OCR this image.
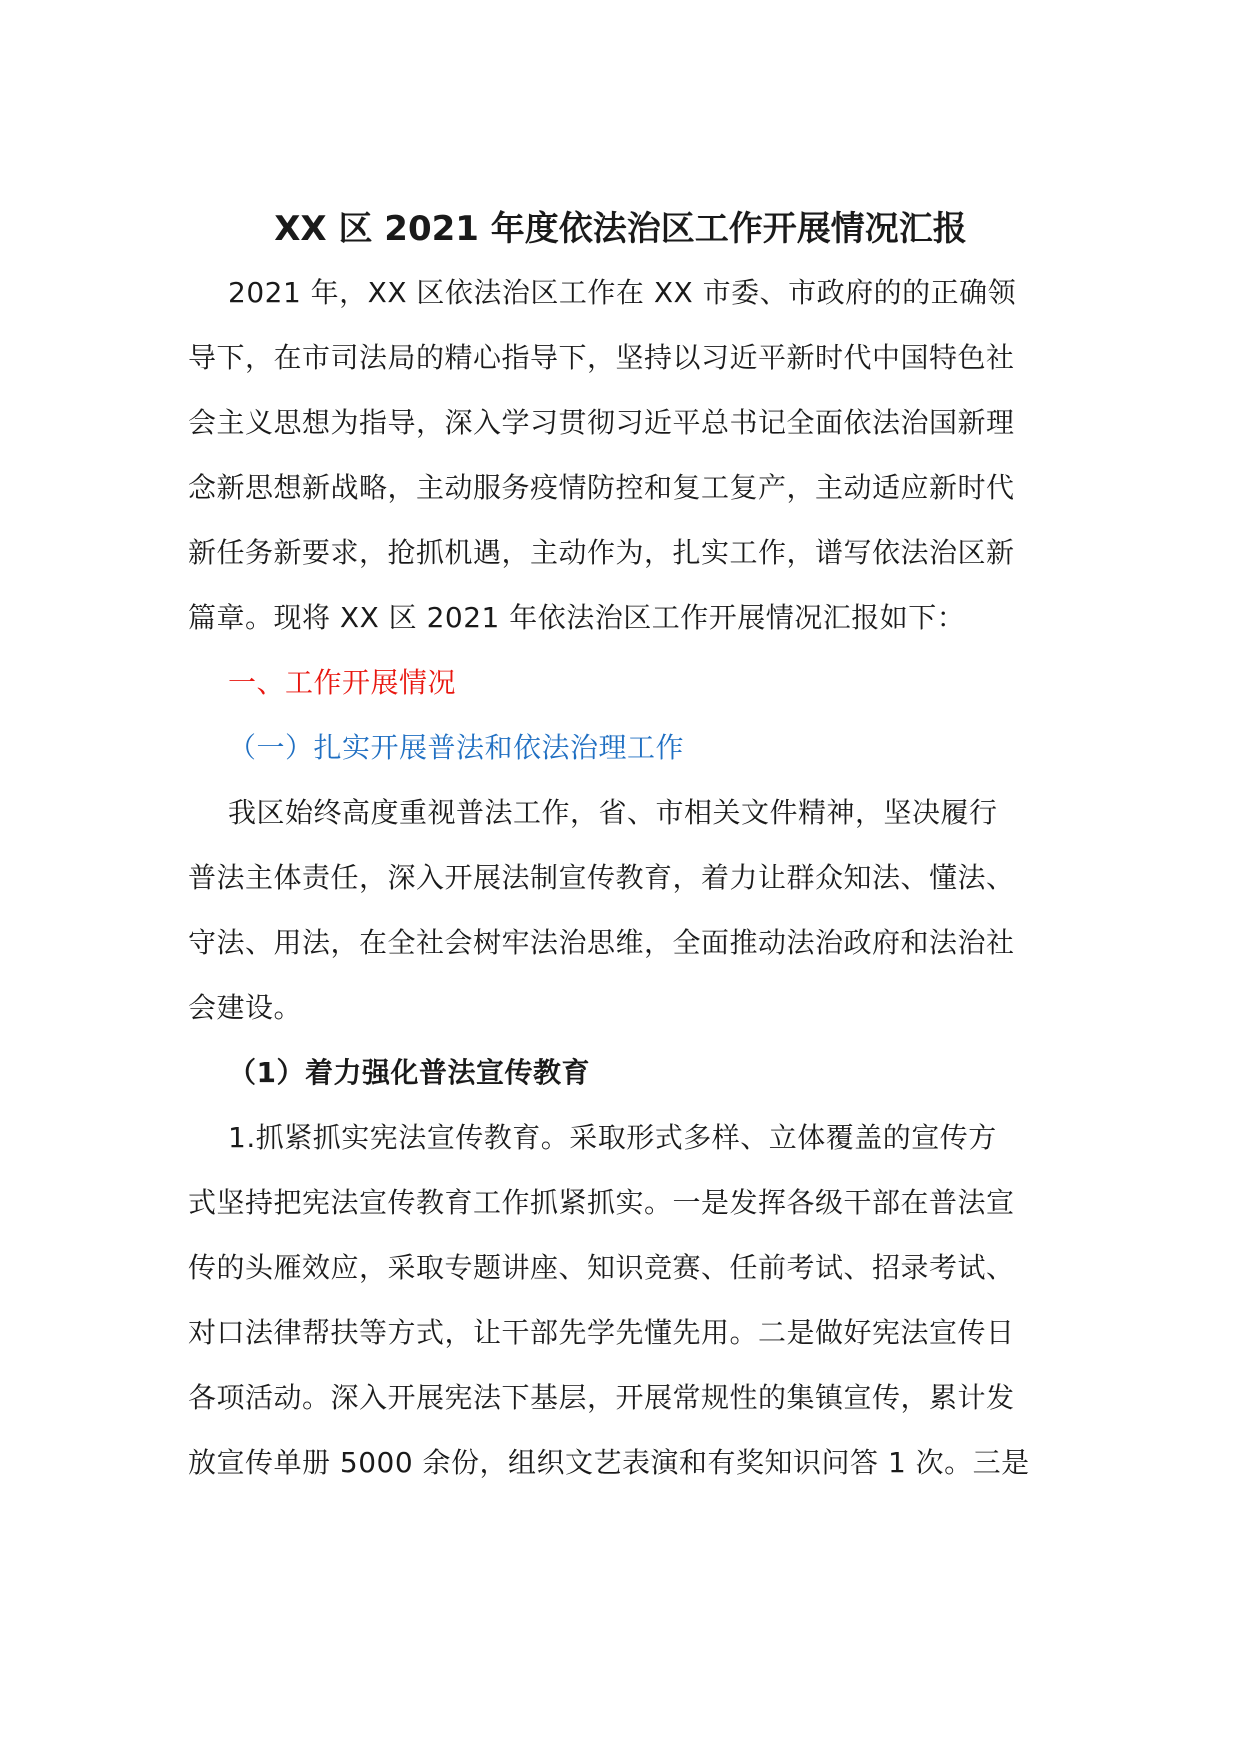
XX 区 2021 年度依法治区工作开展情况汇报
2021 年，XX 区依法治区工作在 XX 市委、市政府的的正确领
导下，在市司法局的精心指导下，坚持以习近平新时代中国特色社
会主义思想为指导，深入学习贯彻习近平总书记全面依法治国新理
念新思想新战略，主动服务疫情防控和复工复产，主动适应新时代
新任务新要求，抢抓机遇，主动作为，扎实工作，谱写依法治区新
篇章。现将 XX 区 2021 年依法治区工作开展情况汇报如下：

一、工作开展情况

（一）扎实开展普法和依法治理工作

我区始终高度重视普法工作，省、市相关文件精神，坚决履行
普法主体责任，深入开展法制宣传教育，着力让群众知法、懂法、
守法、用法，在全社会树牢法治思维，全面推动法治政府和法治社
会建设。

（1）着力强化普法宣传教育

1.抓紧抓实宪法宣传教育。采取形式多样、立体覆盖的宣传方
式坚持把宪法宣传教育工作抓紧抓实。一是发挥各级干部在普法宣
传的头雁效应，采取专题讲座、知识竞赛、任前考试、招录考试、
对口法律帮扶等方式，让干部先学先懂先用。二是做好宪法宣传日
各项活动。深入开展宪法下基层，开展常规性的集镇宣传，累计发
放宣传单册 5000 余份，组织文艺表演和有奖知识问答 1 次。三是
